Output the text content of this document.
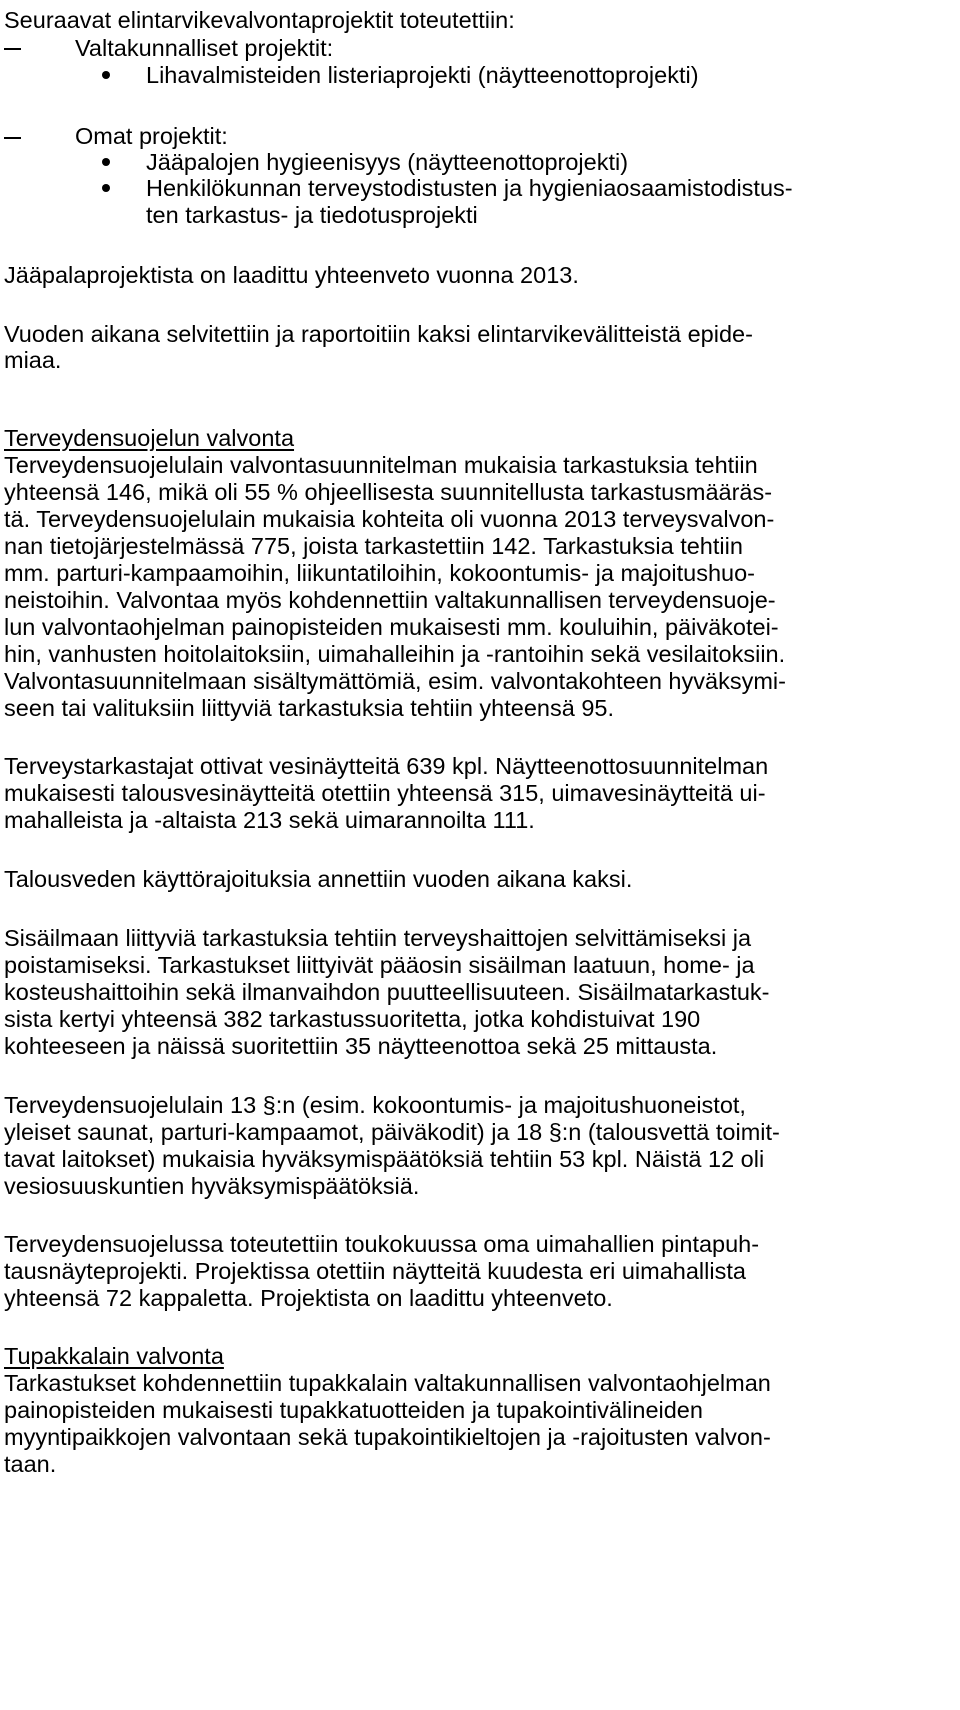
Seuraavat elintarvikevalvontaprojektit toteutettiin:
Valtakunnalliset projektit:
Lihavalmisteiden listeriaprojekti (näytteenottoprojekti)
Omat projektit:
Jääpalojen hygieenisyys (näytteenottoprojekti)
Henkilökunnan terveystodistusten ja hygieniaosaamistodistus-
ten tarkastus- ja tiedotusprojekti
Jääpalaprojektista on laadittu yhteenveto vuonna 2013.
Vuoden aikana selvitettiin ja raportoitiin kaksi elintarvikevälitteistä epide-
miaa.
Terveydensuojelun valvonta
Terveydensuojelulain valvontasuunnitelman mukaisia tarkastuksia tehtiin
yhteensä 146, mikä oli 55 % ohjeellisesta suunnitellusta tarkastusmääräs-
tä. Terveydensuojelulain mukaisia kohteita oli vuonna 2013 terveysvalvon-
nan tietojärjestelmässä 775, joista tarkastettiin 142. Tarkastuksia tehtiin
mm. parturi-kampaamoihin, liikuntatiloihin, kokoontumis- ja majoitushuo-
neistoihin. Valvontaa myös kohdennettiin valtakunnallisen terveydensuoje-
lun valvontaohjelman painopisteiden mukaisesti mm. kouluihin, päiväkotei-
hin, vanhusten hoitolaitoksiin, uimahalleihin ja -rantoihin sekä vesilaitoksiin.
Valvontasuunnitelmaan sisältymättömiä, esim. valvontakohteen hyväksymi-
seen tai valituksiin liittyviä tarkastuksia tehtiin yhteensä 95.
Terveystarkastajat ottivat vesinäytteitä 639 kpl. Näytteenottosuunnitelman
mukaisesti talousvesinäytteitä otettiin yhteensä 315, uimavesinäytteitä ui-
mahalleista ja -altaista 213 sekä uimarannoilta 111.
Talousveden käyttörajoituksia annettiin vuoden aikana kaksi.
Sisäilmaan liittyviä tarkastuksia tehtiin terveyshaittojen selvittämiseksi ja
poistamiseksi. Tarkastukset liittyivät pääosin sisäilman laatuun, home- ja
kosteushaittoihin sekä ilmanvaihdon puutteellisuuteen. Sisäilmatarkastuk-
sista kertyi yhteensä 382 tarkastussuoritetta, jotka kohdistuivat 190
kohteeseen ja näissä suoritettiin 35 näytteenottoa sekä 25 mittausta.
Terveydensuojelulain 13 §:n (esim. kokoontumis- ja majoitushuoneistot,
yleiset saunat, parturi-kampaamot, päiväkodit) ja 18 §:n (talousvettä toimit-
tavat laitokset) mukaisia hyväksymispäätöksiä tehtiin 53 kpl. Näistä 12 oli
vesiosuuskuntien hyväksymispäätöksiä.
Terveydensuojelussa toteutettiin toukokuussa oma uimahallien pintapuh-
tausnäyteprojekti. Projektissa otettiin näytteitä kuudesta eri uimahallista
yhteensä 72 kappaletta. Projektista on laadittu yhteenveto.
Tupakkalain valvonta
Tarkastukset kohdennettiin tupakkalain valtakunnallisen valvontaohjelman
painopisteiden mukaisesti tupakkatuotteiden ja tupakointivälineiden
myyntipaikkojen valvontaan sekä tupakointikieltojen ja -rajoitusten valvon-
taan.
